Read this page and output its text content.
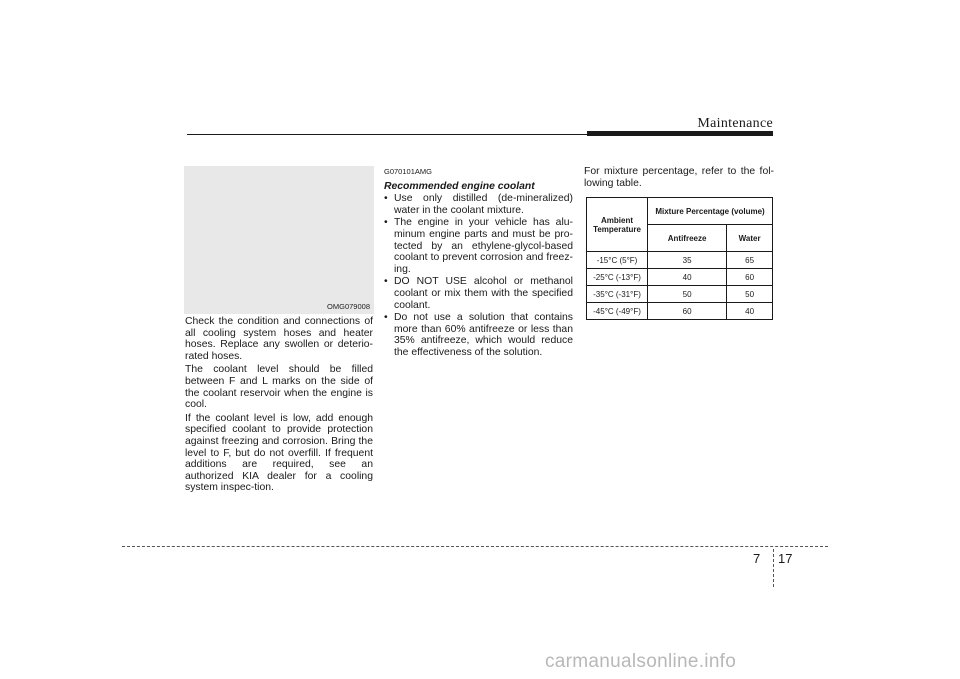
Maintenance
OMG079008

Check the condition and connections of all cooling system hoses and heater hoses. Replace any swollen or deterio-rated hoses.

The coolant level should be filled between F and L marks on the side of the coolant reservoir when the engine is cool.

If the coolant level is low, add enough specified coolant to provide protection against freezing and corrosion. Bring the level to F, but do not overfill. If frequent additions are required, see an authorized KIA dealer for a cooling system inspec-tion.

G070101AMG

Recommended engine coolant

• Use only distilled (de-mineralized) water in the coolant mixture.
• The engine in your vehicle has alu-minum engine parts and must be pro-tected by an ethylene-glycol-based coolant to prevent corrosion and freez-ing.
• DO NOT USE alcohol or methanol coolant or mix them with the specified coolant.
• Do not use a solution that contains more than 60% antifreeze or less than 35% antifreeze, which would reduce the effectiveness of the solution.

For mixture percentage, refer to the fol-lowing table.

Ambient Temperature	Mixture Percentage (volume)	
	Antifreeze	Water
-15°C (5°F)	35	65
-25°C (-13°F)	40	60
-35°C (-31°F)	50	50
-45°C (-49°F)	60	40
7 17
carmanualsonline.info
